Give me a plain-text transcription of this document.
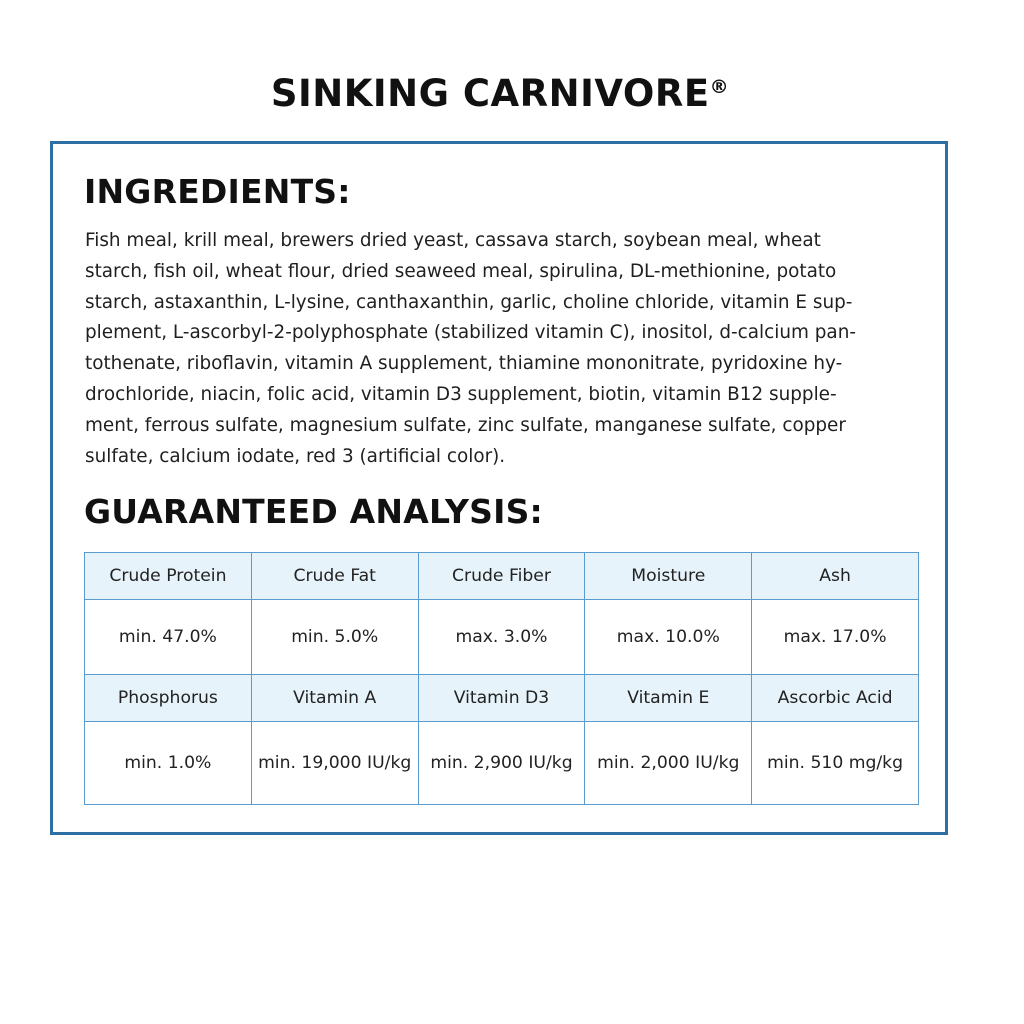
SINKING CARNIVORE®
INGREDIENTS:
Fish meal, krill meal, brewers dried yeast, cassava starch, soybean meal, wheat
starch, fish oil, wheat flour, dried seaweed meal, spirulina, DL-methionine, potato
starch, astaxanthin, L-lysine, canthaxanthin, garlic, choline chloride, vitamin E sup-
plement, L-ascorbyl-2-polyphosphate (stabilized vitamin C), inositol, d-calcium pan-
tothenate, riboflavin, vitamin A supplement, thiamine mononitrate, pyridoxine hy-
drochloride, niacin, folic acid, vitamin D3 supplement, biotin, vitamin B12 supple-
ment, ferrous sulfate, magnesium sulfate, zinc sulfate, manganese sulfate, copper
sulfate, calcium iodate, red 3 (artificial color).
GUARANTEED ANALYSIS:
Crude Protein	Crude Fat	Crude Fiber	Moisture	Ash
min. 47.0%	min. 5.0%	max. 3.0%	max. 10.0%	max. 17.0%
Phosphorus	Vitamin A	Vitamin D3	Vitamin E	Ascorbic Acid
min. 1.0%	min. 19,000 IU/kg	min. 2,900 IU/kg	min. 2,000 IU/kg	min. 510 mg/kg
